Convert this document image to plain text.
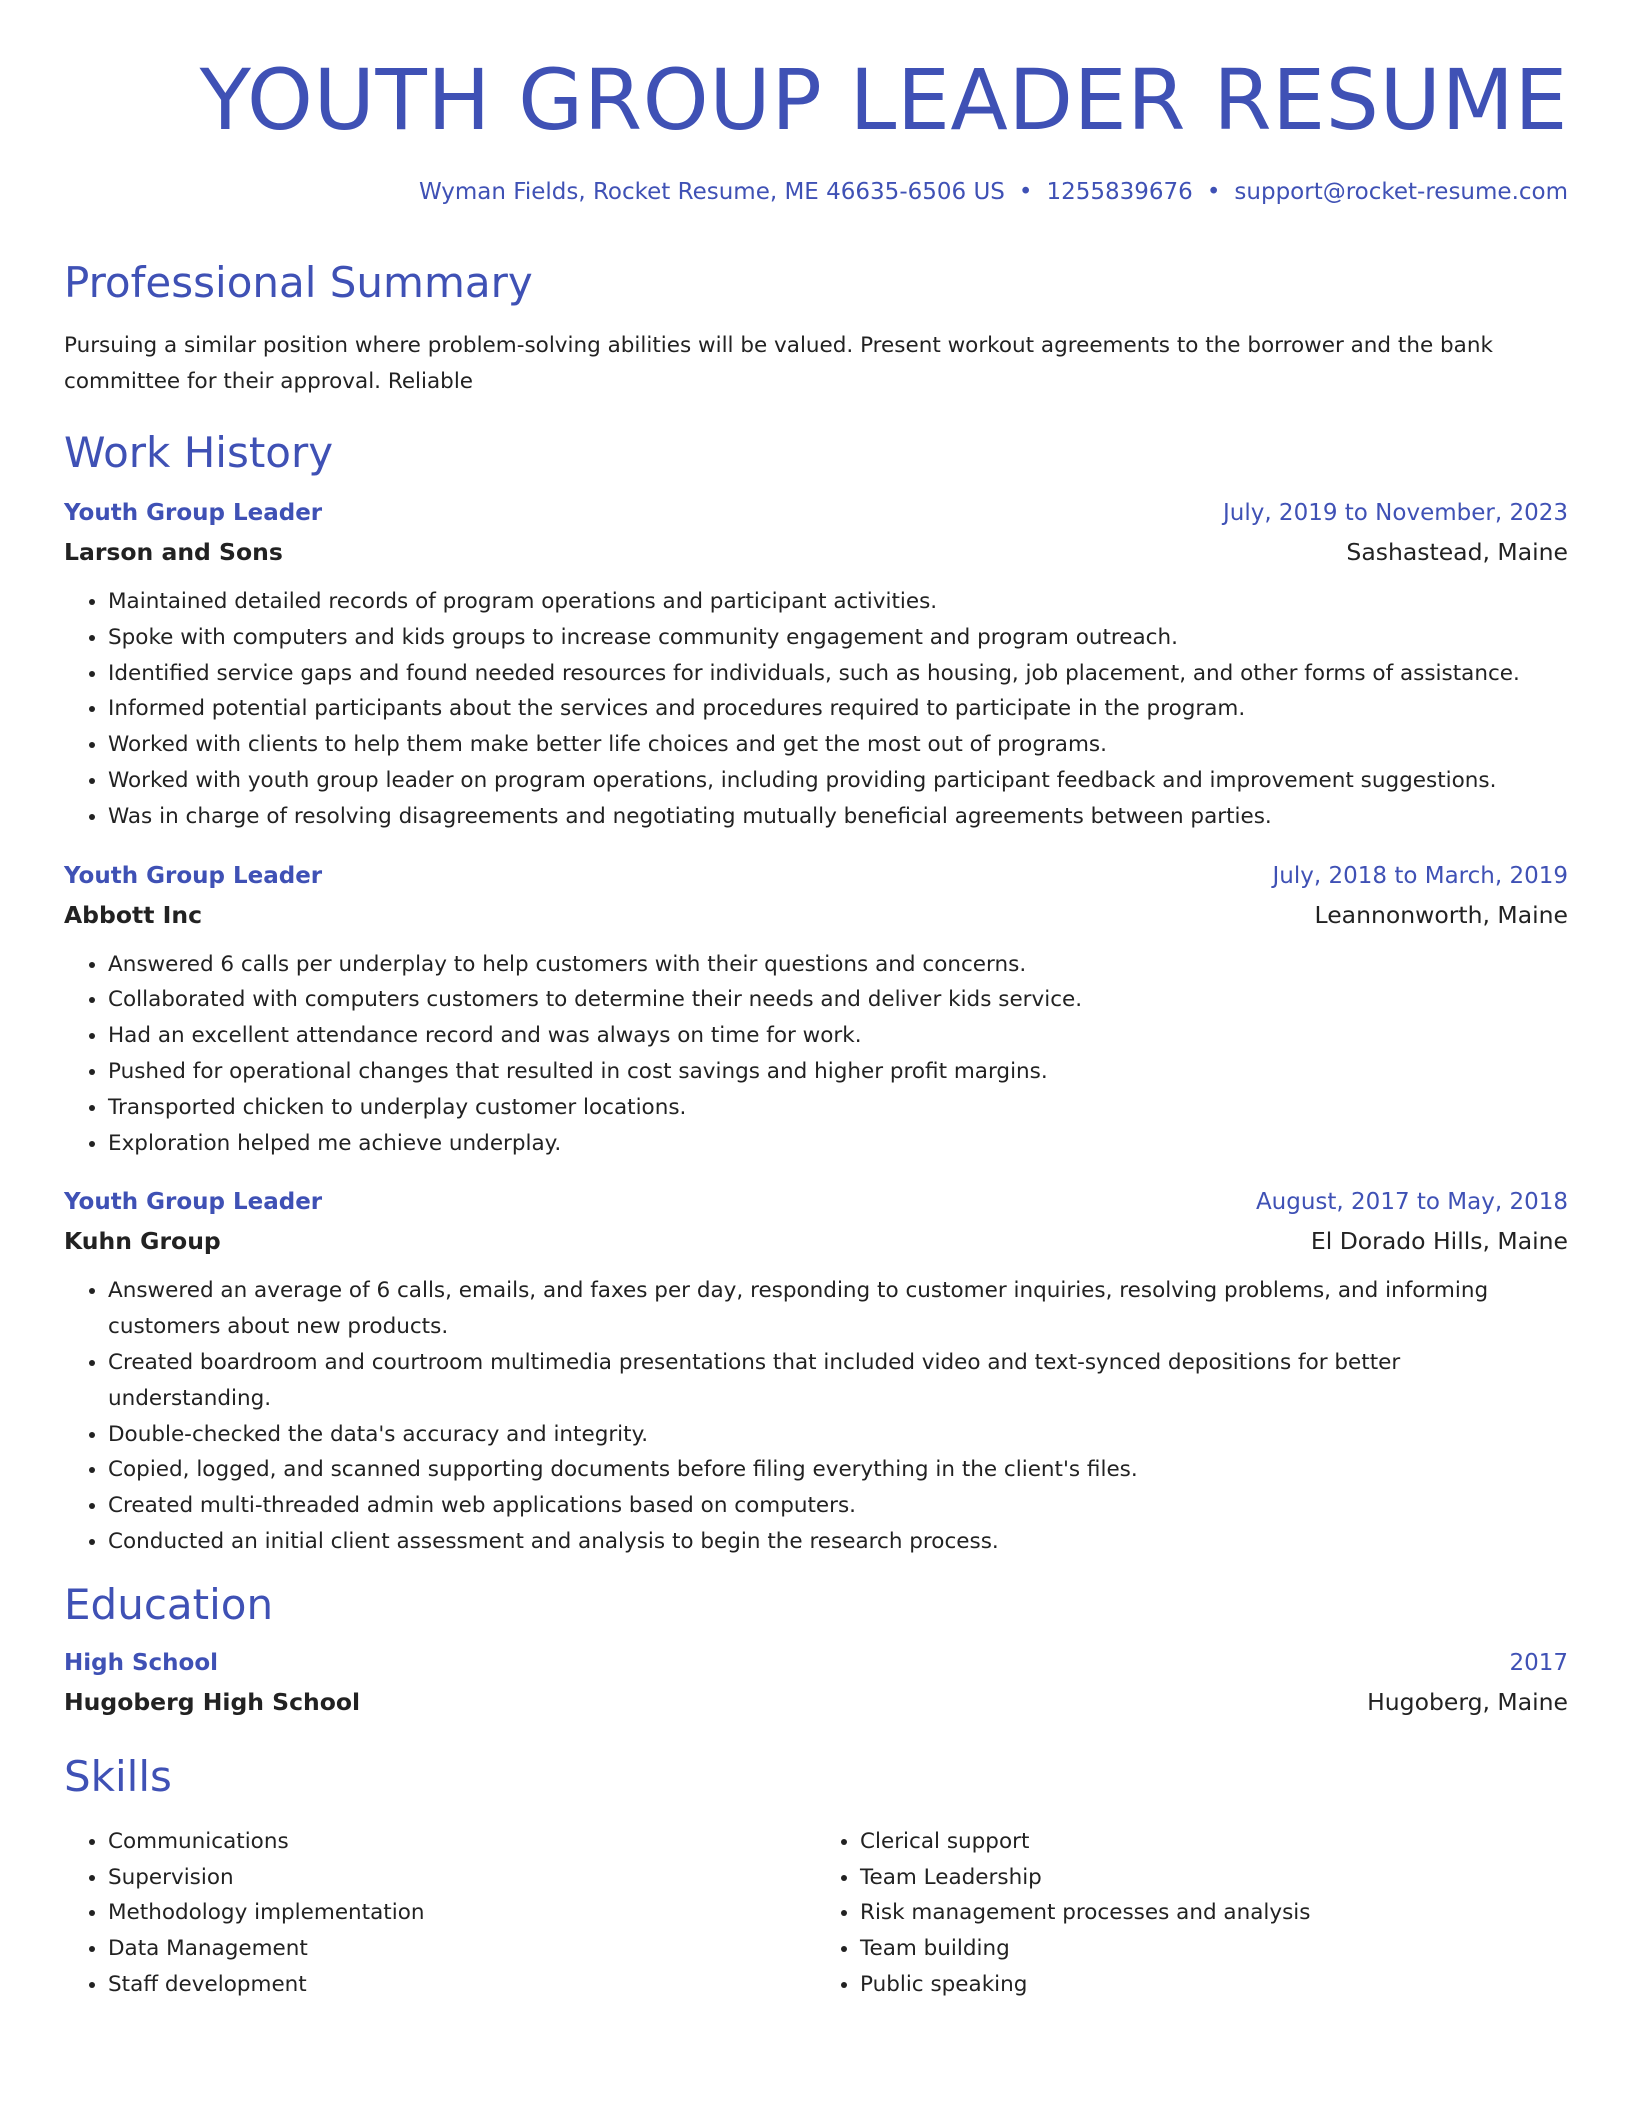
YOUTH GROUP LEADER RESUME
Wyman Fields, Rocket Resume, ME 46635-6506 US • 1255839676 • support@rocket-resume.com
Professional Summary
Pursuing a similar position where problem-solving abilities will be valued. Present workout agreements to the borrower and the bank committee for their approval. Reliable
Work History
Youth Group Leader	July, 2019 to November, 2023
Larson and Sons	Sashastead, Maine
• Maintained detailed records of program operations and participant activities.
• Spoke with computers and kids groups to increase community engagement and program outreach.
• Identified service gaps and found needed resources for individuals, such as housing, job placement, and other forms of assistance.
• Informed potential participants about the services and procedures required to participate in the program.
• Worked with clients to help them make better life choices and get the most out of programs.
• Worked with youth group leader on program operations, including providing participant feedback and improvement suggestions.
• Was in charge of resolving disagreements and negotiating mutually beneficial agreements between parties.
Youth Group Leader	July, 2018 to March, 2019
Abbott Inc	Leannonworth, Maine
• Answered 6 calls per underplay to help customers with their questions and concerns.
• Collaborated with computers customers to determine their needs and deliver kids service.
• Had an excellent attendance record and was always on time for work.
• Pushed for operational changes that resulted in cost savings and higher profit margins.
• Transported chicken to underplay customer locations.
• Exploration helped me achieve underplay.
Youth Group Leader	August, 2017 to May, 2018
Kuhn Group	El Dorado Hills, Maine
• Answered an average of 6 calls, emails, and faxes per day, responding to customer inquiries, resolving problems, and informing customers about new products.
• Created boardroom and courtroom multimedia presentations that included video and text-synced depositions for better understanding.
• Double-checked the data's accuracy and integrity.
• Copied, logged, and scanned supporting documents before filing everything in the client's files.
• Created multi-threaded admin web applications based on computers.
• Conducted an initial client assessment and analysis to begin the research process.
Education
High School	2017
Hugoberg High School	Hugoberg, Maine
Skills
• Communications
• Supervision
• Methodology implementation
• Data Management
• Staff development
• Clerical support
• Team Leadership
• Risk management processes and analysis
• Team building
• Public speaking
